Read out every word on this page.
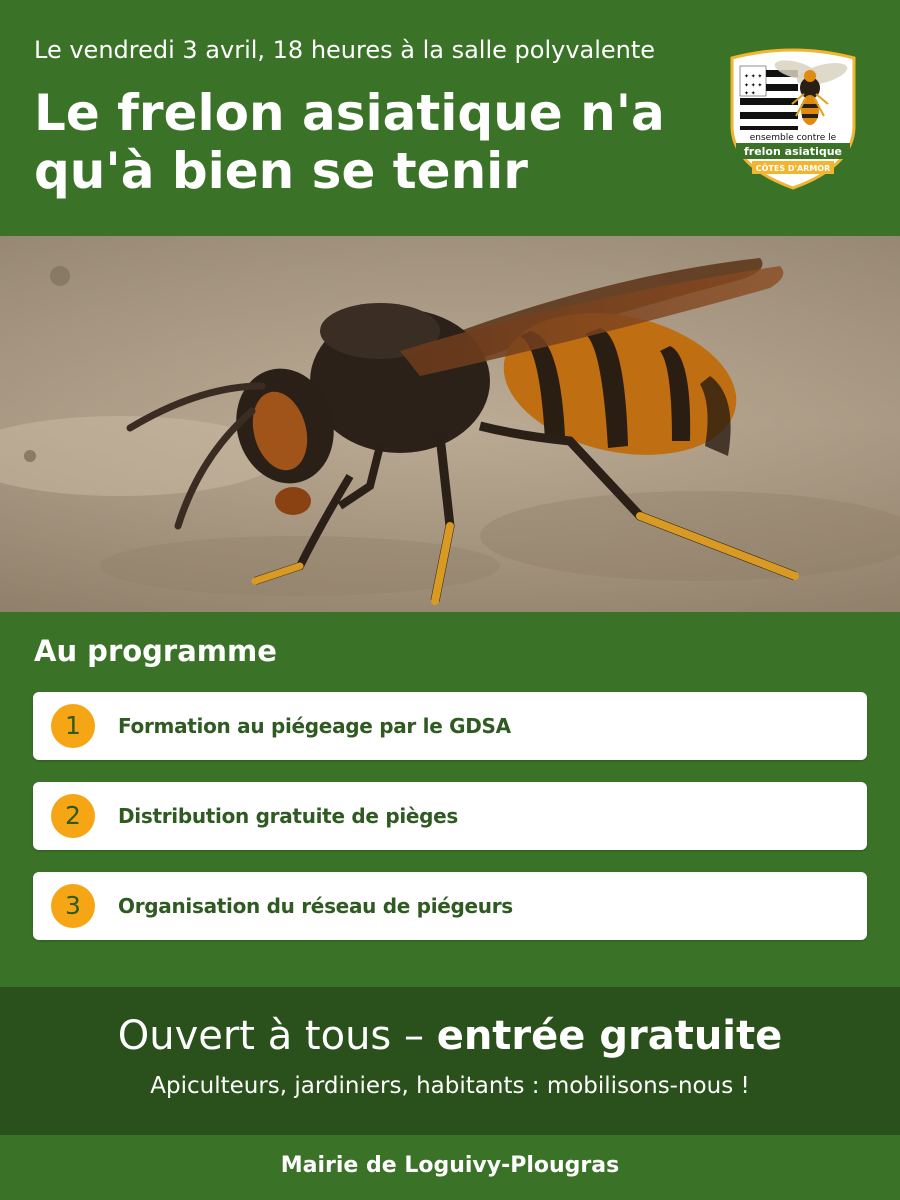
Le vendredi 3 avril, 18 heures à la salle polyvalente
Le frelon asiatique n'a qu'à bien se tenir
✦ ✦ ✦
✦ ✦ ✦
✦ ✦
ensemble contre le
frelon asiatique
CÔTES D'ARMOR
Au programme
1	Formation au piégeage par le GDSA
2	Distribution gratuite de pièges
3	Organisation du réseau de piégeurs
Ouvert à tous – entrée gratuite
Apiculteurs, jardiniers, habitants : mobilisons-nous !
Mairie de Loguivy-Plougras
